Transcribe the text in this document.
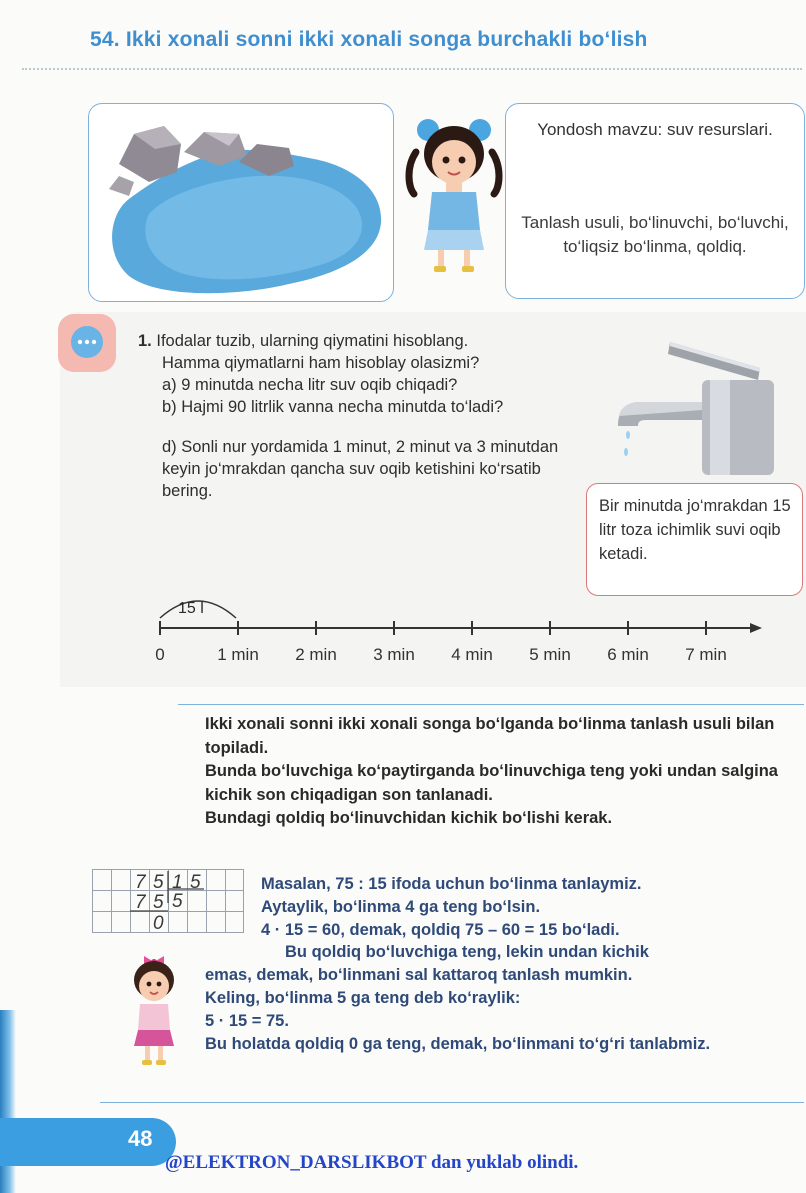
54. Ikki xonali sonni ikki xonali songa burchakli bo‘lish
Yondosh mavzu: suv resurslari.
Tanlash usuli, bo‘linuvchi, bo‘luvchi, to‘liqsiz bo‘linma, qoldiq.

1. Ifodalar tuzib, ularning qiymatini hisoblang.

Hamma qiymatlarni ham hisoblay olasizmi?

a) 9 minutda necha litr suv oqib chiqadi?

b) Hajmi 90 litrlik vanna necha minutda to‘ladi?

d) Sonli nur yordamida 1 minut, 2 minut va 3 minutdan keyin jo‘mrakdan qancha suv oqib ketishini ko‘rsatib bering.

Bir minutda jo‘mrakdan 15 litr toza ichimlik suvi oqib ketadi.
15 l
0	1 min 2 min 3 min 4 min 5 min 6 min 7 min

Ikki xonali sonni ikki xonali songa bo‘lganda bo‘linma tanlash usuli bilan topiladi.

Bunda bo‘luvchiga ko‘paytirganda bo‘linuvchiga teng yoki undan salgina kichik son chiqadigan son tanlanadi.

Bundagi qoldiq bo‘linuvchidan kichik bo‘lishi kerak.

7 5 1 5
7 5 5
0

Masalan, 75 : 15 ifoda uchun bo‘linma tanlaymiz.

Aytaylik, bo‘linma 4 ga teng bo‘lsin.

4 · 15 = 60, demak, qoldiq 75 – 60 = 15 bo‘ladi.

Bu qoldiq bo‘luvchiga teng, lekin undan kichik

emas, demak, bo‘linmani sal kattaroq tanlash mumkin.

Keling, bo‘linma 5 ga teng deb ko‘raylik:

5 · 15 = 75.

Bu holatda qoldiq 0 ga teng, demak, bo‘linmani to‘g‘ri tanlabmiz.

48
@ELEKTRON_DARSLIKBOT dan yuklab olindi.
